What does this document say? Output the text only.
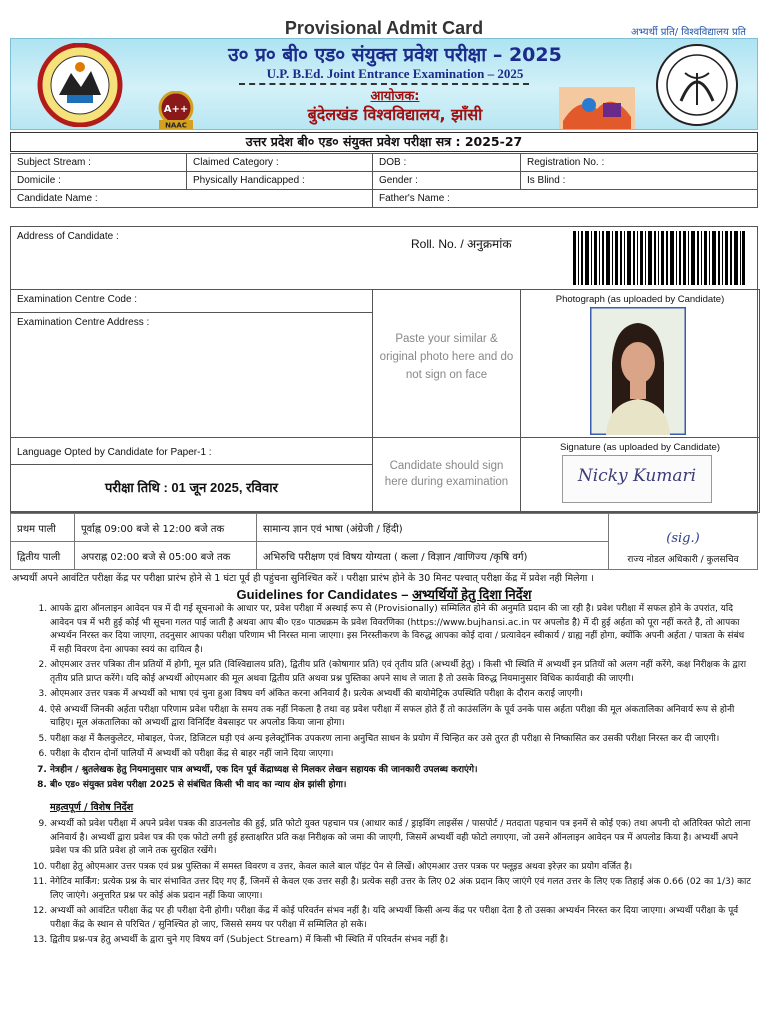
Provisional Admit Card	अभ्यर्थी प्रति/ विश्वविद्यालय प्रति
A++
NAAC
उ० प्र० बी० एड० संयुक्त प्रवेश परीक्षा – 2025
U.P. B.Ed. Joint Entrance Examination – 2025
आयोजक:
बुंदेलखंड विश्वविद्यालय, झाँसी
उत्तर प्रदेश बी० एड० संयुक्त प्रवेश परीक्षा सत्र : 2025-27
Subject Stream :	Claimed Category :	DOB :	Registration No. :
Domicile :	Physically Handicapped :	Gender :	Is Blind :
Candidate Name :		Father's Name :	
Address of Candidate :
Roll. No. / अनुक्रमांक
Examination Centre Code :
Examination Centre Address :
Paste your similar & original photo here and do not sign on face
Photograph (as uploaded by Candidate)
Language Opted by Candidate for Paper-1 :
परीक्षा तिथि : 01 जून 2025, रविवार
Candidate should sign here during examination
Signature (as uploaded by Candidate)
Nicky Kumari
प्रथम पाली	पूर्वाह्न 09:00 बजे से 12:00 बजे तक	सामान्य ज्ञान एवं भाषा (अंग्रेजी / हिंदी)	(sig.)
राज्य नोडल अधिकारी / कुलसचिव

द्वितीय पाली	अपराह्न 02:00 बजे से 05:00 बजे तक	अभिरुचि परीक्षण एवं विषय योग्यता ( कला / विज्ञान /वाणिज्य /कृषि वर्ग)	
अभ्यर्थी अपने आवंटित परीक्षा केंद्र पर परीक्षा प्रारंभ होने से 1 घंटा पूर्व ही पहुंचना सुनिश्चित करें । परीक्षा प्रारंभ होने के 30 मिनट पश्चात् परीक्षा केंद्र में प्रवेश नही मिलेगा ।
Guidelines for Candidates – अभ्यर्थियों हेतु दिशा निर्देश
1. आपके द्वारा ऑनलाइन आवेदन पत्र में दी गई सूचनाओ के आधार पर, प्रवेश परीक्षा में अस्थाई रूप से (Provisionally) सम्मिलित होने की अनुमति प्रदान की जा रही है। प्रवेश परीक्षा में सफल होने के उपरांत, यदि आवेदन पत्र में भरी हुई कोई भी सूचना गलत पाई जाती है अथवा आप बी० एड० पाठ्यक्रम के प्रवेश विवरणिका (https://www.bujhansi.ac.in पर अपलोड है) में दी हुई अर्हता को पूरा नहीं करते है, तो आपका अभ्यर्थन निरस्त कर दिया जाएगा, तदनुसार आपका परीक्षा परिणाम भी निरस्त माना जाएगा। इस निरस्तीकरण के विरुद्ध आपका कोई दावा / प्रत्यावेदन स्वीकार्य / ग्राह्य नहीं होगा, क्योंकि अपनी अर्हता / पात्रता के संबंध में सही विवरण देना आपका स्वयं का दायित्व है।
2. ओएमआर उत्तर पत्रिका तीन प्रतियों में होगी, मूल प्रति (विश्विद्यालय प्रति), द्वितीय प्रति (कोषागार प्रति) एवं तृतीय प्रति (अभ्यर्थी हेतु) । किसी भी स्थिति में अभ्यर्थी इन प्रतियों को अलग नहीं करेंगे, कक्ष निरीक्षक के द्वारा तृतीय प्रति प्राप्त करेंगे। यदि कोई अभ्यर्थी ओएमआर की मूल अथवा द्वितीय प्रति अथवा प्रश्न पुस्तिका अपने साथ ले जाता है तो उसके विरुद्ध नियमानुसार विधिक कार्यवाही की जाएगी।
3. ओएमआर उत्तर पत्रक में अभ्यर्थी को भाषा एवं चुना हुआ विषय वर्ग अंकित करना अनिवार्य है। प्रत्येक अभ्यर्थी की बायोमेट्रिक उपस्थिति परीक्षा के दौरान कराई जाएगी।
4. ऐसे अभ्यर्थी जिनकी अर्हता परीक्षा परिणाम प्रवेश परीक्षा के समय तक नहीं निकला है तथा वह प्रवेश परीक्षा में सफल होते हैं तो काउंसलिंग के पूर्व उनके पास अर्हता परीक्षा की मूल अंकतालिका अनिवार्य रूप से होनी चाहिए। मूल अंकतालिका को अभ्यर्थी द्वारा विनिर्दिष्ट वेबसाइट पर अपलोड किया जाना होगा।
5. परीक्षा कक्ष में कैलकुलेटर, मोबाइल, पेजर, डिजिटल घड़ी एवं अन्य इलेक्ट्रॉनिक उपकरण लाना अनुचित साधन के प्रयोग में चिन्हित कर उसे तुरत ही परीक्षा से निष्कासित कर उसकी परीक्षा निरस्त कर दी जाएगी।
6. परीक्षा के दौरान दोनों पालियों में अभ्यर्थी को परीक्षा केंद्र से बाहर नहीं जाने दिया जाएगा।
7. नेत्रहीन / श्रुतलेखक हेतु नियमानुसार पात्र अभ्यर्थी, एक दिन पूर्व केंद्राध्यक्ष से मिलकर लेखन सहायक की जानकारी उपलब्ध कराएंगे।
8. बी० एड० संयुक्त प्रवेश परीक्षा 2025 से संबंधित किसी भी वाद का न्याय क्षेत्र झांसी होगा।
महत्वपूर्ण / विशेष निर्देश
9. अभ्यर्थी को प्रवेश परीक्षा में अपने प्रवेश पत्रक की डाउनलोड की हुई, प्रति फोटो युक्त पहचान पत्र (आधार कार्ड / ड्राइविंग लाइसेंस / पासपोर्ट / मतदाता पहचान पत्र इनमें से कोई एक) तथा अपनी दो अतिरिक्त फोटो लाना अनिवार्य है। अभ्यर्थी द्वारा प्रवेश पत्र की एक फोटो लगी हुई हस्ताक्षरित प्रति कक्ष निरीक्षक को जमा की जाएगी, जिसमें अभ्यर्थी वही फोटो लगाएगा, जो उसने ऑनलाइन आवेदन पत्र में अपलोड किया है। अभ्यर्थी अपने प्रवेश पत्र की प्रति प्रवेश हो जाने तक सुरक्षित रखेंगे।
10. परीक्षा हेतु ओएमआर उत्तर पत्रक एवं प्रश्न पुस्तिका में समस्त विवरण व उत्तर, केवल काले बाल पॉइंट पेन से लिखें। ओएमआर उत्तर पत्रक पर फ्लूइड अथवा इरेज़र का प्रयोग वर्जित है।
11. नेगेटिव मार्किंग: प्रत्येक प्रश्न के चार संभावित उत्तर दिए गए हैं, जिनमें से केवल एक उत्तर सही है। प्रत्येक सही उत्तर के लिए 02 अंक प्रदान किए जाएंगे एवं गलत उत्तर के लिए एक तिहाई अंक 0.66 (02 का 1/3) काट लिए जाएंगे। अनुत्तरित प्रश्न पर कोई अंक प्रदान नहीं किया जाएगा।
12. अभ्यर्थी को आवंटित परीक्षा केंद्र पर ही परीक्षा देनी होगी। परीक्षा केंद्र में कोई परिवर्तन संभव नहीं है। यदि अभ्यर्थी किसी अन्य केंद्र पर परीक्षा देता है तो उसका अभ्यर्थन निरस्त कर दिया जाएगा। अभ्यर्थी परीक्षा के पूर्व परीक्षा केंद्र के स्थान से परिचित / सुनिश्चित हो जाए, जिससे समय पर परीक्षा में सम्मिलित हो सके।
13. द्वितीय प्रश्न-पत्र हेतु अभ्यर्थी के द्वारा चुने गए विषय वर्ग (Subject Stream) में किसी भी स्थिति में परिवर्तन संभव नहीं है।
